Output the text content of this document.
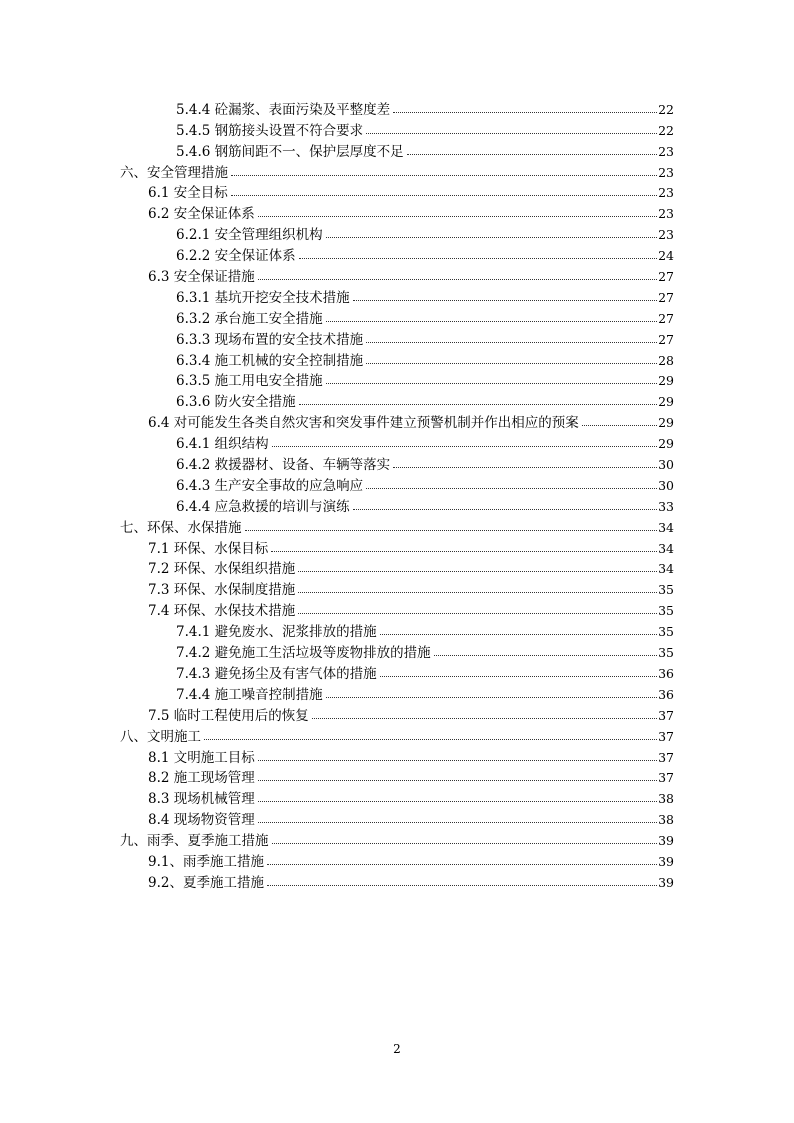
5.4.4 砼漏浆、表面污染及平整度差	22
5.4.5 钢筋接头设置不符合要求	22
5.4.6 钢筋间距不一、保护层厚度不足	23
六、安全管理措施	23
6.1 安全目标	23
6.2 安全保证体系	23
6.2.1 安全管理组织机构	23
6.2.2 安全保证体系	24
6.3 安全保证措施	27
6.3.1 基坑开挖安全技术措施	27
6.3.2 承台施工安全措施	27
6.3.3 现场布置的安全技术措施	27
6.3.4 施工机械的安全控制措施	28
6.3.5 施工用电安全措施	29
6.3.6 防火安全措施	29
6.4 对可能发生各类自然灾害和突发事件建立预警机制并作出相应的预案	29
6.4.1 组织结构	29
6.4.2 救援器材、设备、车辆等落实	30
6.4.3 生产安全事故的应急响应	30
6.4.4 应急救援的培训与演练	33
七、环保、水保措施	34
7.1 环保、水保目标	34
7.2 环保、水保组织措施	34
7.3 环保、水保制度措施	35
7.4 环保、水保技术措施	35
7.4.1 避免废水、泥浆排放的措施	35
7.4.2 避免施工生活垃圾等废物排放的措施	35
7.4.3 避免扬尘及有害气体的措施	36
7.4.4 施工噪音控制措施	36
7.5 临时工程使用后的恢复	37
八、文明施工	37
8.1 文明施工目标	37
8.2 施工现场管理	37
8.3 现场机械管理	38
8.4 现场物资管理	38
九、雨季、夏季施工措施	39
9.1、雨季施工措施	39
9.2、夏季施工措施	39
2
